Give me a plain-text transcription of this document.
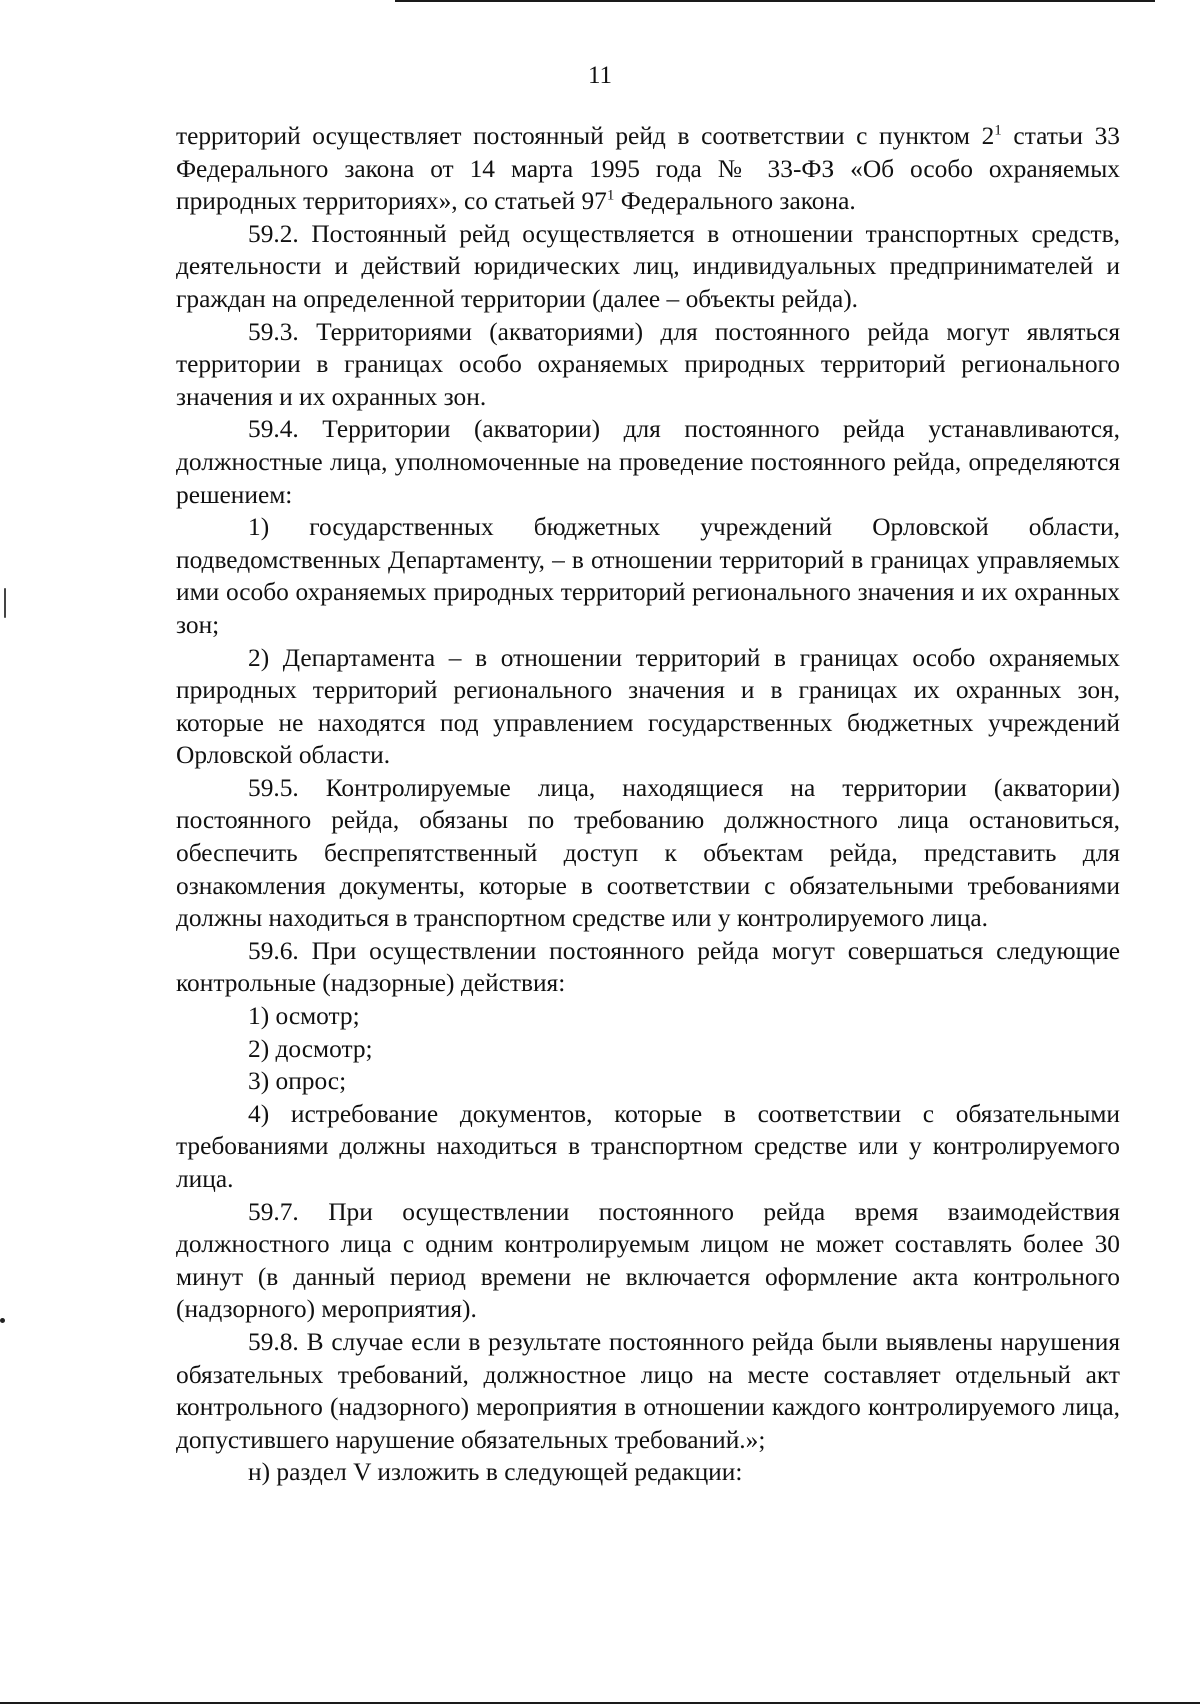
11

территорий осуществляет постоянный рейд в соответствии с пунктом $2^1$ статьи 33 Федерального закона от 14 марта 1995 года № 33-ФЗ «Об особо охраняемых природных территориях», со статьей $97^1$ Федерального закона.

59.2. Постоянный рейд осуществляется в отношении транспортных средств, деятельности и действий юридических лиц, индивидуальных предпринимателей и граждан на определенной территории (далее – объекты рейда).

59.3. Территориями (акваториями) для постоянного рейда могут являться территории в границах особо охраняемых природных территорий регионального значения и их охранных зон.

59.4. Территории (акватории) для постоянного рейда устанавливаются, должностные лица, уполномоченные на проведение постоянного рейда, определяются решением:

1) государственных бюджетных учреждений Орловской области, подведомственных Департаменту, – в отношении территорий в границах управляемых ими особо охраняемых природных территорий регионального значения и их охранных зон;

2) Департамента – в отношении территорий в границах особо охраняемых природных территорий регионального значения и в границах их охранных зон, которые не находятся под управлением государственных бюджетных учреждений Орловской области.

59.5. Контролируемые лица, находящиеся на территории (акватории) постоянного рейда, обязаны по требованию должностного лица остановиться, обеспечить беспрепятственный доступ к объектам рейда, представить для ознакомления документы, которые в соответствии с обязательными требованиями должны находиться в транспортном средстве или у контролируемого лица.

59.6. При осуществлении постоянного рейда могут совершаться следующие контрольные (надзорные) действия:

1) осмотр;

2) досмотр;

3) опрос;

4) истребование документов, которые в соответствии с обязательными требованиями должны находиться в транспортном средстве или у контролируемого лица.

59.7. При осуществлении постоянного рейда время взаимодействия должностного лица с одним контролируемым лицом не может составлять более 30 минут (в данный период времени не включается оформление акта контрольного (надзорного) мероприятия).

59.8. В случае если в результате постоянного рейда были выявлены нарушения обязательных требований, должностное лицо на месте составляет отдельный акт контрольного (надзорного) мероприятия в отношении каждого контролируемого лица, допустившего нарушение обязательных требований.»;

н) раздел V изложить в следующей редакции:
